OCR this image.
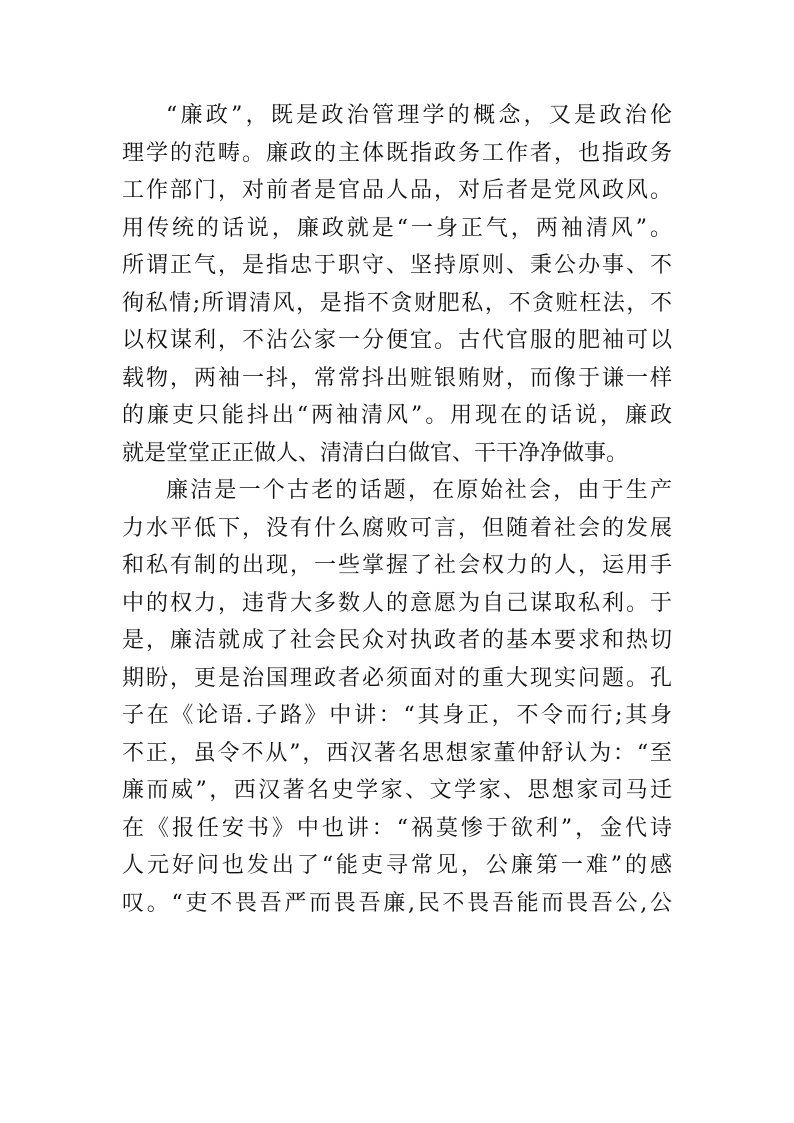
“廉政”，既是政治管理学的概念，又是政治伦
理学的范畴。廉政的主体既指政务工作者，也指政务
工作部门，对前者是官品人品，对后者是党风政风。
用传统的话说，廉政就是“一身正气，两袖清风”。
所谓正气，是指忠于职守、坚持原则、秉公办事、不
徇私情;所谓清风，是指不贪财肥私，不贪赃枉法，不
以权谋利，不沾公家一分便宜。古代官服的肥袖可以
载物，两袖一抖，常常抖出赃银贿财，而像于谦一样
的廉吏只能抖出“两袖清风”。用现在的话说，廉政
就是堂堂正正做人、清清白白做官、干干净净做事。
廉洁是一个古老的话题，在原始社会，由于生产
力水平低下，没有什么腐败可言，但随着社会的发展
和私有制的出现，一些掌握了社会权力的人，运用手
中的权力，违背大多数人的意愿为自己谋取私利。于
是，廉洁就成了社会民众对执政者的基本要求和热切
期盼，更是治国理政者必须面对的重大现实问题。孔
子在《论语.子路》中讲：“其身正，不令而行;其身
不正，虽令不从”，西汉著名思想家董仲舒认为：“至
廉而威”，西汉著名史学家、文学家、思想家司马迁
在《报任安书》中也讲：“祸莫惨于欲利”，金代诗
人元好问也发出了“能吏寻常见，公廉第一难”的感
叹。“吏不畏吾严而畏吾廉,民不畏吾能而畏吾公,公
